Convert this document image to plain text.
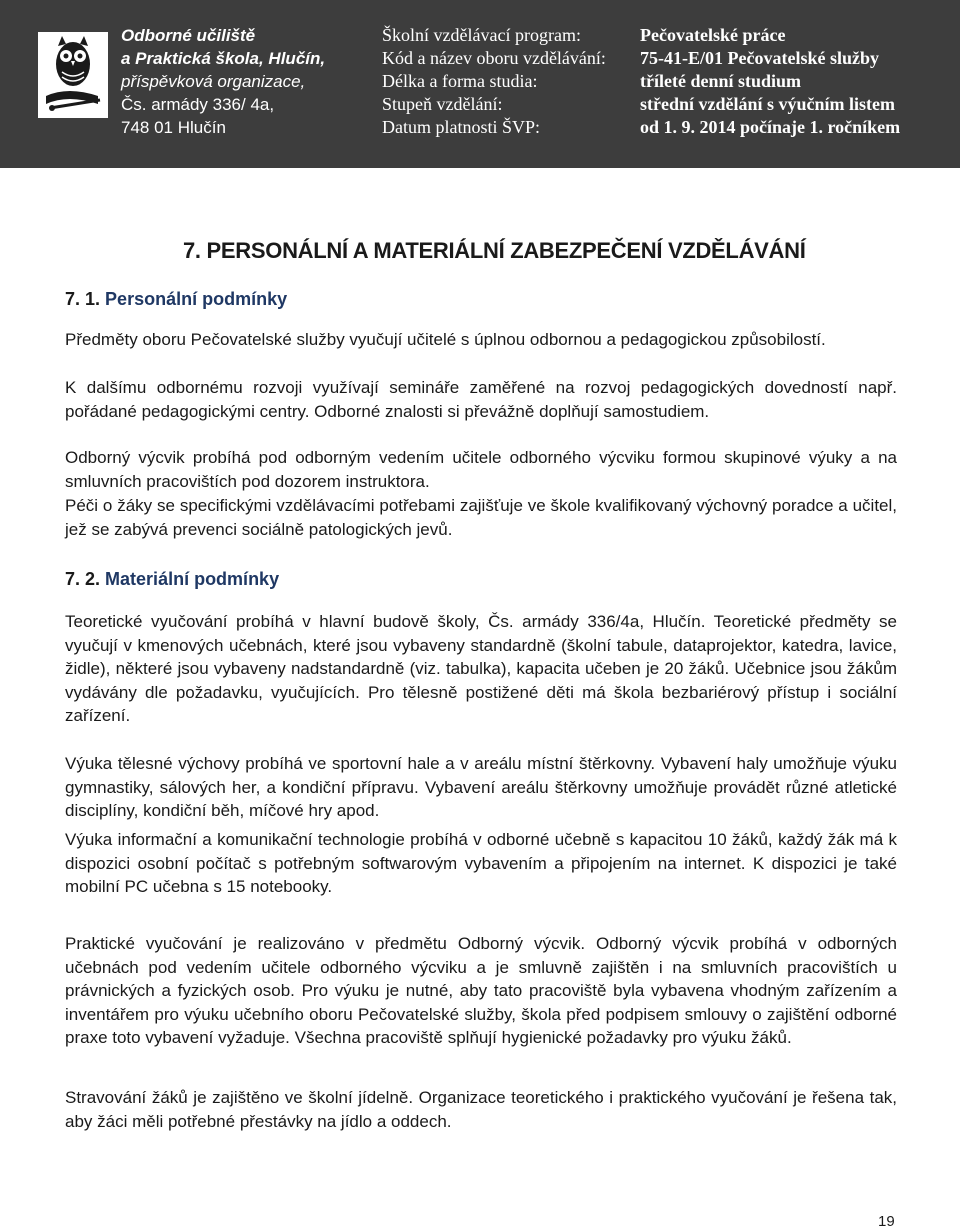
Odborné učiliště
a Praktická škola, Hlučín,
příspěvková organizace,
Čs. armády 336/ 4a,
748 01 Hlučín
Školní vzdělávací program:
Kód a název oboru vzdělávání:
Délka a forma studia:
Stupeň vzdělání:
Datum platnosti ŠVP:
Pečovatelské práce
75-41-E/01 Pečovatelské služby
tříleté denní studium
střední vzdělání s výučním listem
od 1. 9. 2014 počínaje 1. ročníkem
7. PERSONÁLNÍ A MATERIÁLNÍ ZABEZPEČENÍ VZDĚLÁVÁNÍ
7. 1. Personální podmínky

Předměty oboru Pečovatelské služby vyučují učitelé s úplnou odbornou a pedagogickou způsobilostí.

K dalšímu odbornému rozvoji využívají semináře zaměřené na rozvoj pedagogických dovedností např. pořádané pedagogickými centry. Odborné znalosti si převážně doplňují samostudiem.

Odborný výcvik probíhá pod odborným vedením učitele odborného výcviku formou skupinové výuky a na smluvních pracovištích pod dozorem instruktora.

Péči o žáky se specifickými vzdělávacími potřebami zajišťuje ve škole kvalifikovaný výchovný poradce a učitel, jež se zabývá prevenci sociálně patologických jevů.

7. 2. Materiální podmínky

Teoretické vyučování probíhá v hlavní budově školy, Čs. armády 336/4a, Hlučín. Teoretické předměty se vyučují v kmenových učebnách, které jsou vybaveny standardně (školní tabule, dataprojektor, katedra, lavice, židle), některé jsou vybaveny nadstandardně (viz. tabulka), kapacita učeben je 20 žáků. Učebnice jsou žákům vydávány dle požadavku, vyučujících. Pro tělesně postižené děti má škola bezbariérový přístup i sociální zařízení.

Výuka tělesné výchovy probíhá ve sportovní hale a v areálu místní štěrkovny. Vybavení haly umožňuje výuku gymnastiky, sálových her, a kondiční přípravu. Vybavení areálu štěrkovny umožňuje provádět různé atletické disciplíny, kondiční běh, míčové hry apod.

Výuka informační a komunikační technologie probíhá v odborné učebně s kapacitou 10 žáků, každý žák má k dispozici osobní počítač s potřebným softwarovým vybavením a připojením na internet. K dispozici je také mobilní PC učebna s 15 notebooky.

Praktické vyučování je realizováno v předmětu Odborný výcvik. Odborný výcvik probíhá v odborných učebnách pod vedením učitele odborného výcviku a je smluvně zajištěn i na smluvních pracovištích u právnických a fyzických osob. Pro výuku je nutné, aby tato pracoviště byla vybavena vhodným zařízením a inventářem pro výuku učebního oboru Pečovatelské služby, škola před podpisem smlouvy o zajištění odborné praxe toto vybavení vyžaduje. Všechna pracoviště splňují hygienické požadavky pro výuku žáků.

Stravování žáků je zajištěno ve školní jídelně. Organizace teoretického i praktického vyučování je řešena tak, aby žáci měli potřebné přestávky na jídlo a oddech.

19
